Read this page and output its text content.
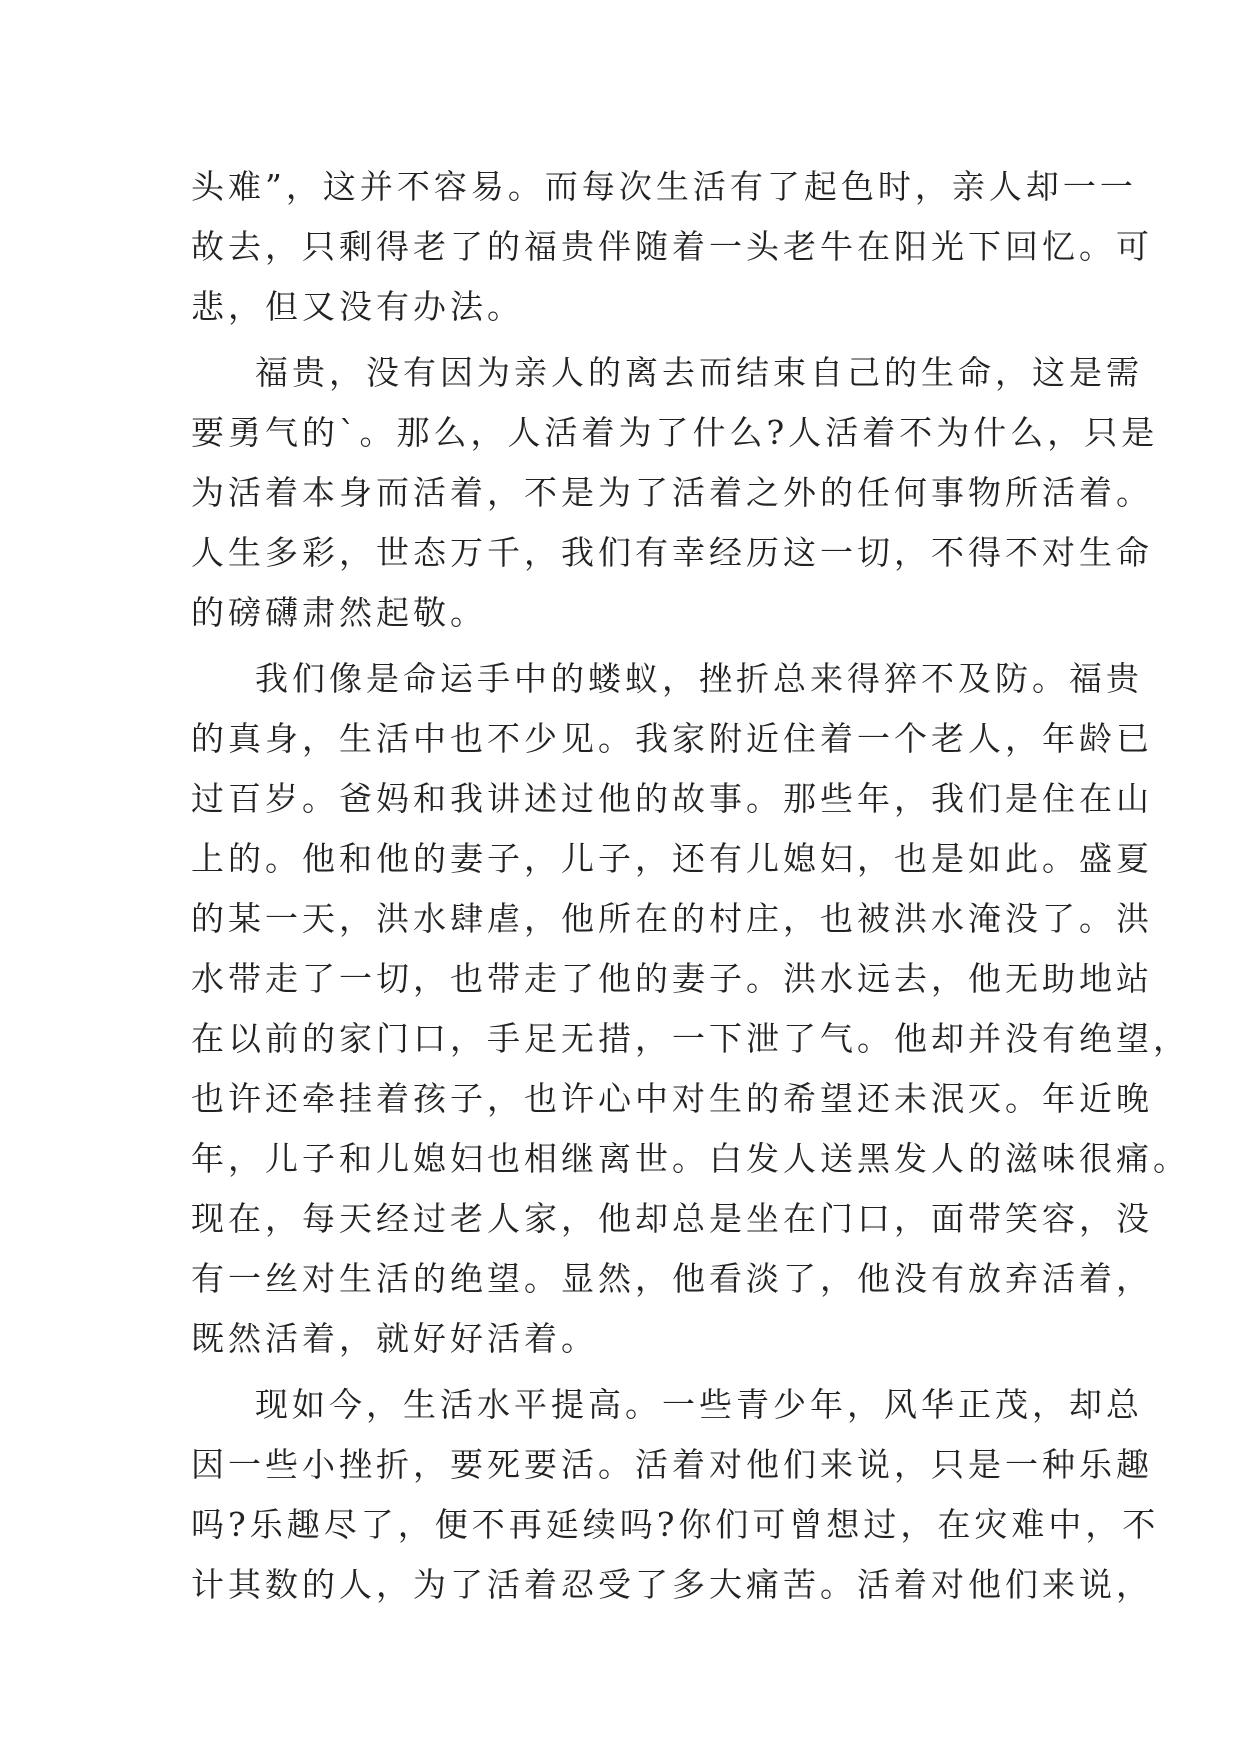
头难”，这并不容易。而每次生活有了起色时，亲人却一一
故去，只剩得老了的福贵伴随着一头老牛在阳光下回忆。可
悲，但又没有办法。
福贵，没有因为亲人的离去而结束自己的生命，这是需
要勇气的`。那么，人活着为了什么?人活着不为什么，只是
为活着本身而活着，不是为了活着之外的任何事物所活着。
人生多彩，世态万千，我们有幸经历这一切，不得不对生命
的磅礴肃然起敬。
我们像是命运手中的蝼蚁，挫折总来得猝不及防。福贵
的真身，生活中也不少见。我家附近住着一个老人，年龄已
过百岁。爸妈和我讲述过他的故事。那些年，我们是住在山
上的。他和他的妻子，儿子，还有儿媳妇，也是如此。盛夏
的某一天，洪水肆虐，他所在的村庄，也被洪水淹没了。洪
水带走了一切，也带走了他的妻子。洪水远去，他无助地站
在以前的家门口，手足无措，一下泄了气。他却并没有绝望，
也许还牵挂着孩子，也许心中对生的希望还未泯灭。年近晚
年，儿子和儿媳妇也相继离世。白发人送黑发人的滋味很痛。
现在，每天经过老人家，他却总是坐在门口，面带笑容，没
有一丝对生活的绝望。显然，他看淡了，他没有放弃活着，
既然活着，就好好活着。
现如今，生活水平提高。一些青少年，风华正茂，却总
因一些小挫折，要死要活。活着对他们来说，只是一种乐趣
吗?乐趣尽了，便不再延续吗?你们可曾想过，在灾难中，不
计其数的人，为了活着忍受了多大痛苦。活着对他们来说，
